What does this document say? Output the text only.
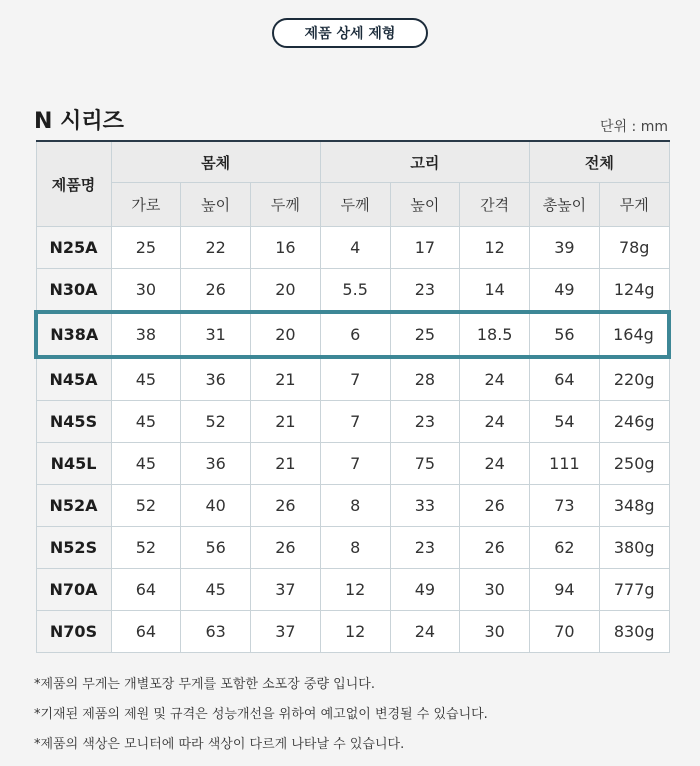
제품 상세 제형
N 시리즈	단위 : mm
제품명	몸체			고리			전체	
	가로	높이	두께	두께	높이	간격	총높이	무게
N25A	25	22	16	4	17	12	39	78g
N30A	30	26	20	5.5	23	14	49	124g
N38A	38	31	20	6	25	18.5	56	164g
N45A	45	36	21	7	28	24	64	220g
N45S	45	52	21	7	23	24	54	246g
N45L	45	36	21	7	75	24	111	250g
N52A	52	40	26	8	33	26	73	348g
N52S	52	56	26	8	23	26	62	380g
N70A	64	45	37	12	49	30	94	777g
N70S	64	63	37	12	24	30	70	830g
*제품의 무게는 개별포장 무게를 포함한 소포장 중량 입니다.
*기재된 제품의 제원 및 규격은 성능개선을 위하여 예고없이 변경될 수 있습니다.
*제품의 색상은 모니터에 따라 색상이 다르게 나타날 수 있습니다.
